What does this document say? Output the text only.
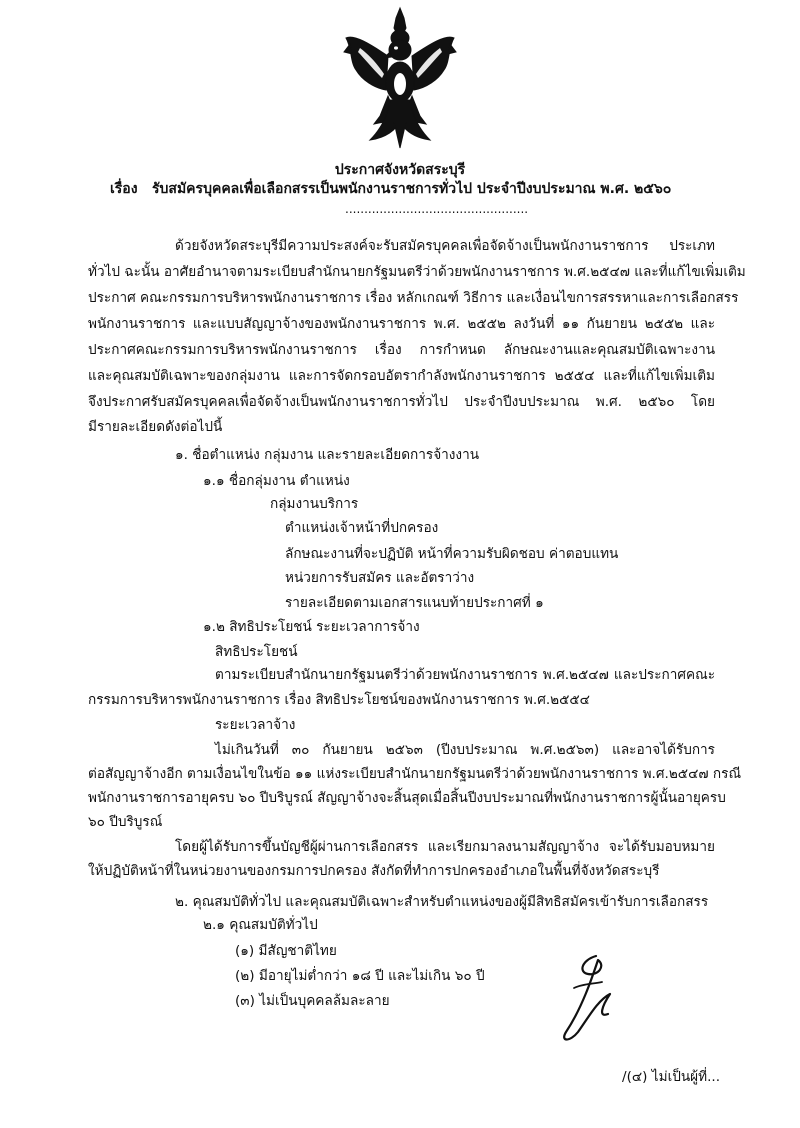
ประกาศจังหวัดสระบุรี
เรื่อง รับสมัครบุคคลเพื่อเลือกสรรเป็นพนักงานราชการทั่วไป ประจำปีงบประมาณ พ.ศ. ๒๕๖๐
................................................
ด้วยจังหวัดสระบุรีมีความประสงค์จะรับสมัครบุคคลเพื่อจัดจ้างเป็นพนักงานราชการ ประเภท
ทั่วไป ฉะนั้น อาศัยอำนาจตามระเบียบสำนักนายกรัฐมนตรีว่าด้วยพนักงานราชการ พ.ศ.๒๕๔๗ และที่แก้ไขเพิ่มเติม
ประกาศ คณะกรรมการบริหารพนักงานราชการ เรื่อง หลักเกณฑ์ วิธีการ และเงื่อนไขการสรรหาและการเลือกสรร
พนักงานราชการ และแบบสัญญาจ้างของพนักงานราชการ พ.ศ. ๒๕๕๒ ลงวันที่ ๑๑ กันยายน ๒๕๕๒ และ
ประกาศคณะกรรมการบริหารพนักงานราชการ เรื่อง การกำหนด ลักษณะงานและคุณสมบัติเฉพาะงาน
และคุณสมบัติเฉพาะของกลุ่มงาน และการจัดกรอบอัตรากำลังพนักงานราชการ ๒๕๕๔ และที่แก้ไขเพิ่มเติม
จึงประกาศรับสมัครบุคคลเพื่อจัดจ้างเป็นพนักงานราชการทั่วไป ประจำปีงบประมาณ พ.ศ. ๒๕๖๐ โดย
มีรายละเอียดดังต่อไปนี้
๑. ชื่อตำแหน่ง กลุ่มงาน และรายละเอียดการจ้างงาน
๑.๑ ชื่อกลุ่มงาน ตำแหน่ง
กลุ่มงานบริการ
ตำแหน่งเจ้าหน้าที่ปกครอง
ลักษณะงานที่จะปฏิบัติ หน้าที่ความรับผิดชอบ ค่าตอบแทน
หน่วยการรับสมัคร และอัตราว่าง
รายละเอียดตามเอกสารแนบท้ายประกาศที่ ๑
๑.๒ สิทธิประโยชน์ ระยะเวลาการจ้าง
สิทธิประโยชน์
ตามระเบียบสำนักนายกรัฐมนตรีว่าด้วยพนักงานราชการ พ.ศ.๒๕๔๗ และประกาศคณะ
กรรมการบริหารพนักงานราชการ เรื่อง สิทธิประโยชน์ของพนักงานราชการ พ.ศ.๒๕๕๔
ระยะเวลาจ้าง
ไม่เกินวันที่ ๓๐ กันยายน ๒๕๖๓ (ปีงบประมาณ พ.ศ.๒๕๖๓) และอาจได้รับการ
ต่อสัญญาจ้างอีก ตามเงื่อนไขในข้อ ๑๑ แห่งระเบียบสำนักนายกรัฐมนตรีว่าด้วยพนักงานราชการ พ.ศ.๒๕๔๗ กรณี
พนักงานราชการอายุครบ ๖๐ ปีบริบูรณ์ สัญญาจ้างจะสิ้นสุดเมื่อสิ้นปีงบประมาณที่พนักงานราชการผู้นั้นอายุครบ
๖๐ ปีบริบูรณ์
โดยผู้ได้รับการขึ้นบัญชีผู้ผ่านการเลือกสรร และเรียกมาลงนามสัญญาจ้าง จะได้รับมอบหมาย
ให้ปฏิบัติหน้าที่ในหน่วยงานของกรมการปกครอง สังกัดที่ทำการปกครองอำเภอในพื้นที่จังหวัดสระบุรี
๒. คุณสมบัติทั่วไป และคุณสมบัติเฉพาะสำหรับตำแหน่งของผู้มีสิทธิสมัครเข้ารับการเลือกสรร
๒.๑ คุณสมบัติทั่วไป
(๑) มีสัญชาติไทย
(๒) มีอายุไม่ต่ำกว่า ๑๘ ปี และไม่เกิน ๖๐ ปี
(๓) ไม่เป็นบุคคลล้มละลาย
/(๔) ไม่เป็นผู้ที่...
